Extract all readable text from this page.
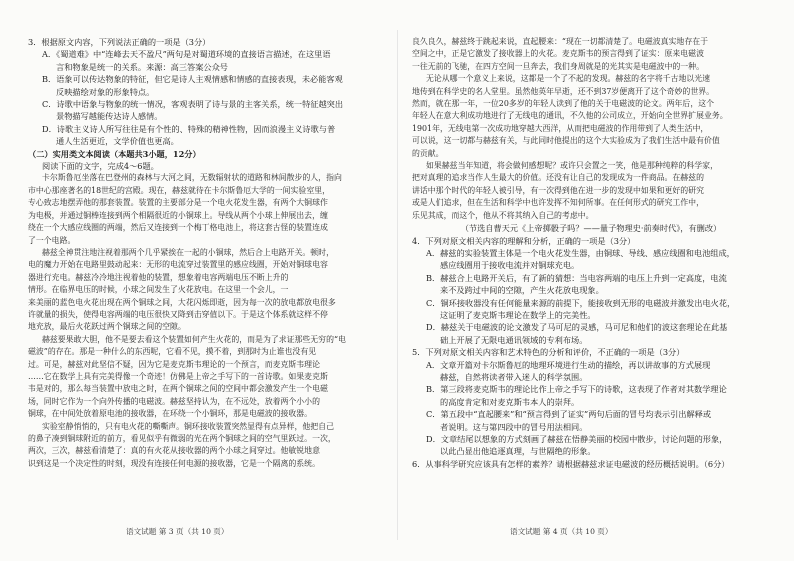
3．根据原文内容，下列说法正确的一项是（3分）
A．《蜀道难》中“连峰去天不盈尺”两句是对蜀道环境的直接语言描述，在这里语
言和物象是统一的关系。来源：高三答案公众号
B．语象可以传达物象的特征，但它是诗人主观情感和情感的直接表现，未必能客观
反映描绘对象的形象特点。
C．诗歌中语象与物象的统一情况，客观表明了诗与景的主客关系，统一特征越突出
景物描写越能传达诗人感情。
D．诗歌主义诗人所写往往是有个性的、特殊的精神性物，因而浪漫主义诗歌与普
通人生活更近，文学价值也更高。
（二）实用类文本阅读（本题共3小题，12分）
阅读下面的文字，完成4～6题。
卡尔斯鲁厄坐落在巴登州的森林与大河之间，无数辐射状的道路和林间散步的人，指向
市中心那座著名的18世纪的宫殿。现在，赫兹就待在卡尔斯鲁厄大学的一间实验室里，
专心致志地摆弄他的那套装置。装置的主要部分是一个电火花发生器，有两个大铜球作
为电极，并通过铜棒连接到两个相隔很近的小铜球上。导线从两个小球上伸展出去，缠
绕在一个大感应线圈的两端，然后又连接到一个梅丁格电池上，将这套古怪的装置连成
了一个电路。
赫兹全神贯注地注视着那两个几乎紧挨在一起的小铜球，然后合上电路开关。顿时，
电的魔力开始在电路里鼓动起来：无形的电流穿过装置里的感应线圈，开始对铜球电容
器进行充电。赫兹冷冷地注视着他的装置，想象着电容两端电压不断上升的
情形。在临界电压的时候，小球之间发生了火花放电。在这里一个会儿，一
来美丽的蓝色电火花出现在两个铜球之间，大花闪烁即逝，因为每一次的放电都放电很多
许就量的损失，使得电容两端的电压很快又降到击穿值以下。于是这个体系就这样不停
地充放，最后火花跃过两个铜球之间的空隙。
赫兹要果敢大胆，他不是要去看这个装置如何产生火花的，而是为了求证那些无穷的“电
磁波”的存在。那是一种什么的东西呢，它看不见，摸不着，到那时为止谁也没有见
过。可是，赫兹对此坚信不疑，因为它是麦克斯韦理论的一个预言，而麦克斯韦理论
……它在数学上具有完美得像一个奇迹！仿佛是上帝之手写下的一首诗歌。如果麦克斯
韦是对的，那么每当装置中放电之时，在两个铜球之间的空间中都会激发产生一个电磁
场，同时它作为一个向外传播的电磁波。赫兹坚持认为，在不远处，放着两个小小的
铜球，在中间处放着原电池的接收器，在环绕一个小铜环，那是电磁波的接收器。
实验室静悄悄的，只有电火花的嘶嘶声。铜环接收装置突然显得有点异样，他把自己
的鼻子凑到铜球附近的前方，看见似乎有微弱的光在两个铜球之间的空气里跃过。一次，
两次，三次，赫兹看清楚了：真的有火花从接收器的两个小球之间穿过。他敏锐地意
识到这是一个决定性的时刻，现没有连接任何电源的接收器，它是一个隔离的系统。
良久良久，赫兹终于跳起来说，直起腰来：“现在一切都清楚了。电磁波真实地存在于
空间之中，正是它激发了接收器上的火花。麦克斯韦的预言得到了证实：原来电磁波
一往无前的飞驰，在四方空间一旦奔去，我们身周就是的光其实是电磁波中的一种。
无论从哪一个意义上来说，这都是一个了不起的发现。赫兹的名字将千古地以光速
地传到在科学史的名人堂里。虽然他英年早逝，还不到37岁便离开了这个奇妙的世界。
然而，就在那一年，一位20多岁的年轻人读到了他的关于电磁波的论文。两年后，这个
年轻人在意大利成功地进行了无线电的通讯，不久他的公司成立，开始向全世界扩展业务。
1901年，无线电第一次成功地穿越大西洋，从而把电磁波的作用带到了人类生活中，
可以说，这一切都与赫兹有关，与此同时他提出的这个大实验成为了我们生活中最有价值
的贡献。
如果赫兹当年知道，将会做何感想呢？或许只会置之一笑，他是那种纯粹的科学家，
把对真理的追求当作人生最大的价值。还没有让自己的发现成为一件商品。在赫兹的
讲话中那个时代的年轻人被引导，有一次得到他在进一步的发现中如果和更好的研究
或是人们追求，但在生活和科学中也许发挥不知何所事。在任何形式的研究工作中，
乐见其成，而这个，他从不将其纳入自己的考虑中。
（节选自曹天元《上帝掷骰子吗？——量子物理史·前奏时代》，有删改）
4．下列对原文相关内容的理解和分析，正确的一项是（3分）
A．赫兹的实验装置主体是一个电火花发生器，由铜球、导线、感应线圈和电池组成，
感应线圈用于接收电流并对铜球充电。
B．赫兹合上电路开关后，有了新的猜想：当电容两端的电压上升到一定高度，电流
来不及跨过中间的空隙，产生火花放电现象。
C．铜环接收器没有任何能量来源的前提下，能接收到无形的电磁波并激发出电火花，
这证明了麦克斯韦理论在数学上的完美性。
D．赫兹关于电磁波的论文激发了马可尼的灵感，马可尼和他们的波这套理论在此基
础上开展了无限电通讯领域的专利布场。
5．下列对原文相关内容和艺术特色的分析和评价，不正确的一项是（3分）
A．文章开篇对卡尔斯鲁厄的地理环境进行生动的描绘，再以讲故事的方式展现
赫兹，自然将读者带入迷人的科学氛围。
B．第三段将麦克斯韦的理论比作上帝之手写下的诗歌，这表现了作者对其数学理论
的高度肯定和对麦克斯韦本人的崇拜。
C．第五段中“直起腰来”和“预言得到了证实”两句后面的冒号均表示引出解释或
者说明。这与第四段中的冒号用法相同。
D．文章结尾以想象的方式刻画了赫兹在悟静美丽的校园中散步，讨论问题的形象，
以此凸显出他追逐真理，与世隔绝的形象。
6．从事科学研究应该具有怎样的素养？请根据赫兹求证电磁波的经历概括说明。（6分）
语文试题 第 3 页（共 10 页）	语文试题 第 4 页（共 10 页）
